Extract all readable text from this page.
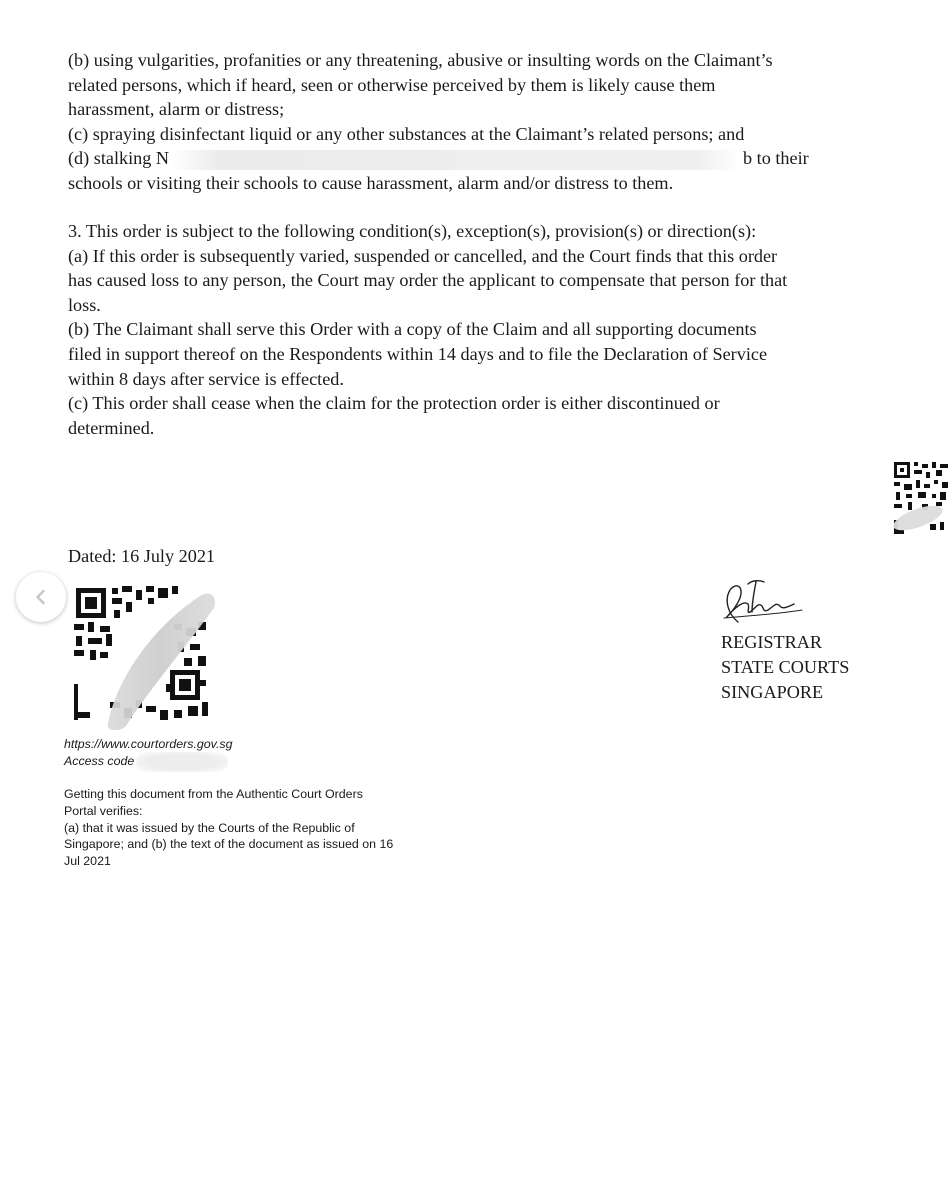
(b) using vulgarities, profanities or any threatening, abusive or insulting words on the Claimant’s
related persons, which if heard, seen or otherwise perceived by them is likely cause them
harassment, alarm or distress;
(c) spraying disinfectant liquid or any other substances at the Claimant’s related persons; and
(d) stalking N	b to their
schools or visiting their schools to cause harassment, alarm and/or distress to them.
3. This order is subject to the following condition(s), exception(s), provision(s) or direction(s):
(a) If this order is subsequently varied, suspended or cancelled, and the Court finds that this order
has caused loss to any person, the Court may order the applicant to compensate that person for that
loss.
(b) The Claimant shall serve this Order with a copy of the Claim and all supporting documents
filed in support thereof on the Respondents within 14 days and to file the Declaration of Service
within 8 days after service is effected.
(c) This order shall cease when the claim for the protection order is either discontinued or
determined.
Dated: 16 July 2021
REGISTRAR
STATE COURTS
SINGAPORE
https://www.courtorders.gov.sg
Access code
Getting this document from the Authentic Court Orders
Portal verifies:
(a) that it was issued by the Courts of the Republic of
Singapore; and (b) the text of the document as issued on 16
Jul 2021
